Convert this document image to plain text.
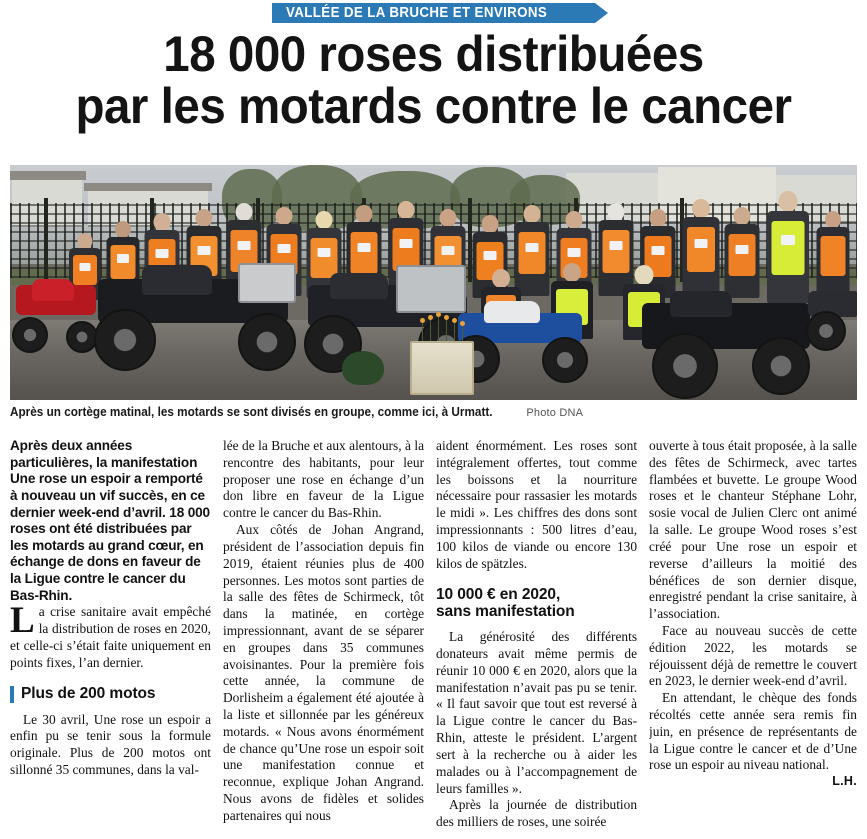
VALLÉE DE LA BRUCHE ET ENVIRONS
18 000 roses distribuées
par les motards contre le cancer
Après un cortège matinal, les motards se sont divisés en groupe, comme ici, à Urmatt.	Photo DNA

Après deux années particulières, la manifestation Une rose un espoir a remporté à nouveau un vif succès, en ce dernier week-end d’avril. 18 000 roses ont été distribuées par les motards au grand cœur, en échange de dons en faveur de la Ligue contre le cancer du Bas-Rhin.

La crise sanitaire avait empêché la distribution de roses en 2020, et celle-ci s’était faite uniquement en points fixes, l’an dernier.

Plus de 200 motos

Le 30 avril, Une rose un espoir a enfin pu se tenir sous la formule originale. Plus de 200 motos ont sillonné 35 communes, dans la val-

lée de la Bruche et aux alentours, à la rencontre des habitants, pour leur proposer une rose en échange d’un don libre en faveur de la Ligue contre le cancer du Bas-Rhin.

Aux côtés de Johan Angrand, président de l’association depuis fin 2019, étaient réunies plus de 400 personnes. Les motos sont parties de la salle des fêtes de Schirmeck, tôt dans la matinée, en cortège impressionnant, avant de se séparer en groupes dans 35 communes avoisinantes. Pour la première fois cette année, la commune de Dorlisheim a également été ajoutée à la liste et sillonnée par les généreux motards. « Nous avons énormément de chance qu’Une rose un espoir soit une manifestation connue et reconnue, explique Johan Angrand. Nous avons de fidèles et solides partenaires qui nous

aident énormément. Les roses sont intégralement offertes, tout comme les boissons et la nourriture nécessaire pour rassasier les motards le midi ». Les chiffres des dons sont impressionnants : 500 litres d’eau, 100 kilos de viande ou encore 130 kilos de spätzles.

10 000 € en 2020,
sans manifestation

La générosité des différents donateurs avait même permis de réunir 10 000 € en 2020, alors que la manifestation n’avait pas pu se tenir. « Il faut savoir que tout est reversé à la Ligue contre le cancer du Bas-Rhin, atteste le président. L’argent sert à la recherche ou à aider les malades ou à l’accompagnement de leurs familles ».

Après la journée de distribution des milliers de roses, une soirée

ouverte à tous était proposée, à la salle des fêtes de Schirmeck, avec tartes flambées et buvette. Le groupe Wood roses et le chanteur Stéphane Lohr, sosie vocal de Julien Clerc ont animé la salle. Le groupe Wood roses s’est créé pour Une rose un espoir et reverse d’ailleurs la moitié des bénéfices de son dernier disque, enregistré pendant la crise sanitaire, à l’association.

Face au nouveau succès de cette édition 2022, les motards se réjouissent déjà de remettre le couvert en 2023, le dernier week-end d’avril.

En attendant, le chèque des fonds récoltés cette année sera remis fin juin, en présence de représentants de la Ligue contre le cancer et de d’Une rose un espoir au niveau national.

L.H.
